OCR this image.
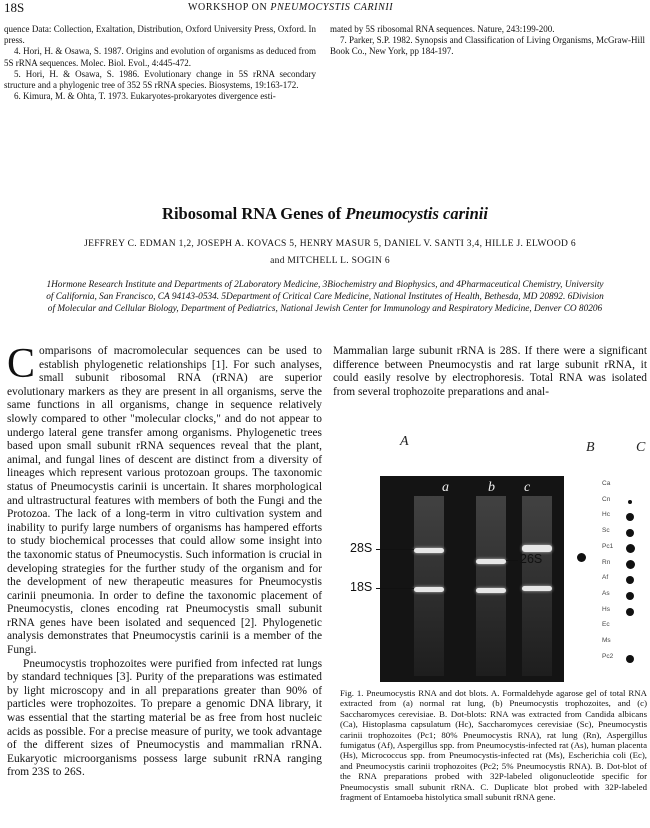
18S	WORKSHOP ON PNEUMOCYSTIS CARINII

quence Data: Collection, Exaltation, Distribution, Oxford University Press, Oxford. In press.

4. Hori, H. & Osawa, S. 1987. Origins and evolution of organisms as deduced from 5S rRNA sequences. Molec. Biol. Evol., 4:445-472.

5. Hori, H. & Osawa, S. 1986. Evolutionary change in 5S rRNA secondary structure and a phylogenic tree of 352 5S rRNA species. Biosystems, 19:163-172.

6. Kimura, M. & Ohta, T. 1973. Eukaryotes-prokaryotes divergence esti-

mated by 5S ribosomal RNA sequences. Nature, 243:199-200.

7. Parker, S.P. 1982. Synopsis and Classification of Living Organisms, McGraw-Hill Book Co., New York, pp 184-197.

Ribosomal RNA Genes of Pneumocystis carinii
JEFFREY C. EDMAN 1,2, JOSEPH A. KOVACS 5, HENRY MASUR 5, DANIEL V. SANTI 3,4, HILLE J. ELWOOD 6
and MITCHELL L. SOGIN 6
1Hormone Research Institute and Departments of 2Laboratory Medicine, 3Biochemistry and Biophysics, and 4Pharmaceutical Chemistry, University
of California, San Francisco, CA 94143-0534. 5Department of Critical Care Medicine, National Institutes of Health, Bethesda, MD 20892. 6Division
of Molecular and Cellular Biology, Department of Pediatrics, National Jewish Center for Immunology and Respiratory Medicine, Denver CO 80206

Comparisons of macromolecular sequences can be used to establish phylogenetic relationships [1]. For such analyses, small subunit ribosomal RNA (rRNA) are superior evolutionary markers as they are present in all organisms, serve the same functions in all organisms, change in sequence relatively slowly compared to other "molecular clocks," and do not appear to undergo lateral gene transfer among organisms. Phylogenetic trees based upon small subunit rRNA sequences reveal that the plant, animal, and fungal lines of descent are distinct from a diversity of lineages which represent various protozoan groups. The taxonomic status of Pneumocystis carinii is uncertain. It shares morphological and ultrastructural features with members of both the Fungi and the Protozoa. The lack of a long-term in vitro cultivation system and inability to purify large numbers of organisms has hampered efforts to study biochemical processes that could allow some insight into the taxonomic status of Pneumocystis. Such information is crucial in developing strategies for the further study of the organism and for the development of new therapeutic measures for Pneumocystis carinii pneumonia. In order to define the taxonomic placement of Pneumocystis, clones encoding rat Pneumocystis small subunit rRNA genes have been isolated and sequenced [2]. Phylogenetic analysis demonstrates that Pneumocystis carinii is a member of the Fungi.

Pneumocystis trophozoites were purified from infected rat lungs by standard techniques [3]. Purity of the preparations was estimated by light microscopy and in all preparations greater than 90% of particles were trophozoites. To prepare a genomic DNA library, it was essential that the starting material be as free from host nucleic acids as possible. For a precise measure of purity, we took advantage of the different sizes of Pneumocystis and mammalian rRNA. Eukaryotic microorganisms possess large subunit rRNA ranging from 23S to 26S.

Mammalian large subunit rRNA is 28S. If there were a significant difference between Pneumocystis and rat large subunit rRNA, it could easily resolve by electrophoresis. Total RNA was isolated from several trophozoite preparations and anal-

A	B	C
a	b c
28S
18S
26S
Ca
Cn
Hc
Sc
Pc1
Rn
Af
As
Hs
Ec
Ms
Pc2
Fig. 1. Pneumocystis RNA and dot blots. A. Formaldehyde agarose gel of total RNA extracted from (a) normal rat lung, (b) Pneumocystis trophozoites, and (c) Saccharomyces cerevisiae. B. Dot-blots: RNA was extracted from Candida albicans (Ca), Histoplasma capsulatum (Hc), Saccharomyces cerevisiae (Sc), Pneumocystis carinii trophozoites (Pc1; 80% Pneumocystis RNA), rat lung (Rn), Aspergillus fumigatus (Af), Aspergillus spp. from Pneumocystis-infected rat (As), human placenta (Hs), Micrococcus spp. from Pneumocystis-infected rat (Ms), Escherichia coli (Ec), and Pneumocystis carinii trophozoites (Pc2; 5% Pneumocystis RNA). B. Dot-blot of the RNA preparations probed with 32P-labeled oligonucleotide specific for Pneumocystis small subunit rRNA. C. Duplicate blot probed with 32P-labeled fragment of Entamoeba histolytica small subunit rRNA gene.
